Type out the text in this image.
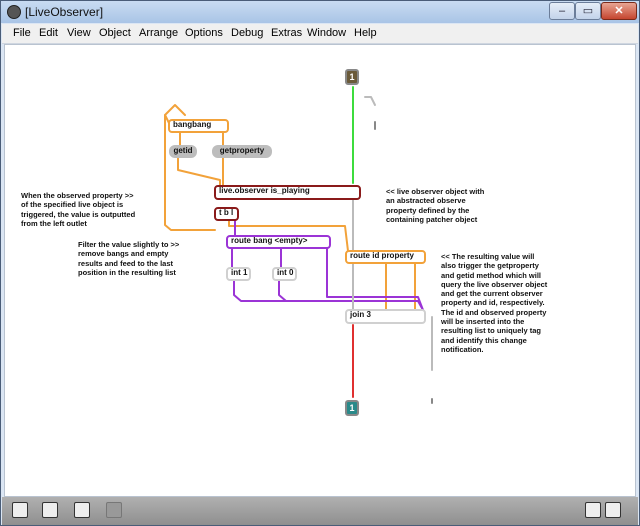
[LiveObserver]	–	▭	✕
File Edit View Object Arrange Options Debug Extras Window Help
1
1
bangbang
getid	getproperty
live.observer is_playing
t b l
route bang <empty>
route id property
int 1	int 0
join 3
When the observed property >>
of the specified live object is
triggered, the value is outputted
from the left outlet
Filter the value slightly to >>
remove bangs and empty
results and feed to the last
position in the resulting list
<< live observer object with
an abstracted observe
property defined by the
containing patcher object
<< The resulting value will
also trigger the getproperty
and getid method which will
query the live observer object
and get the current observer
property and id, respectively.
The id and observed property
will be inserted into the
resulting list to uniquely tag
and identify this change
notification.
